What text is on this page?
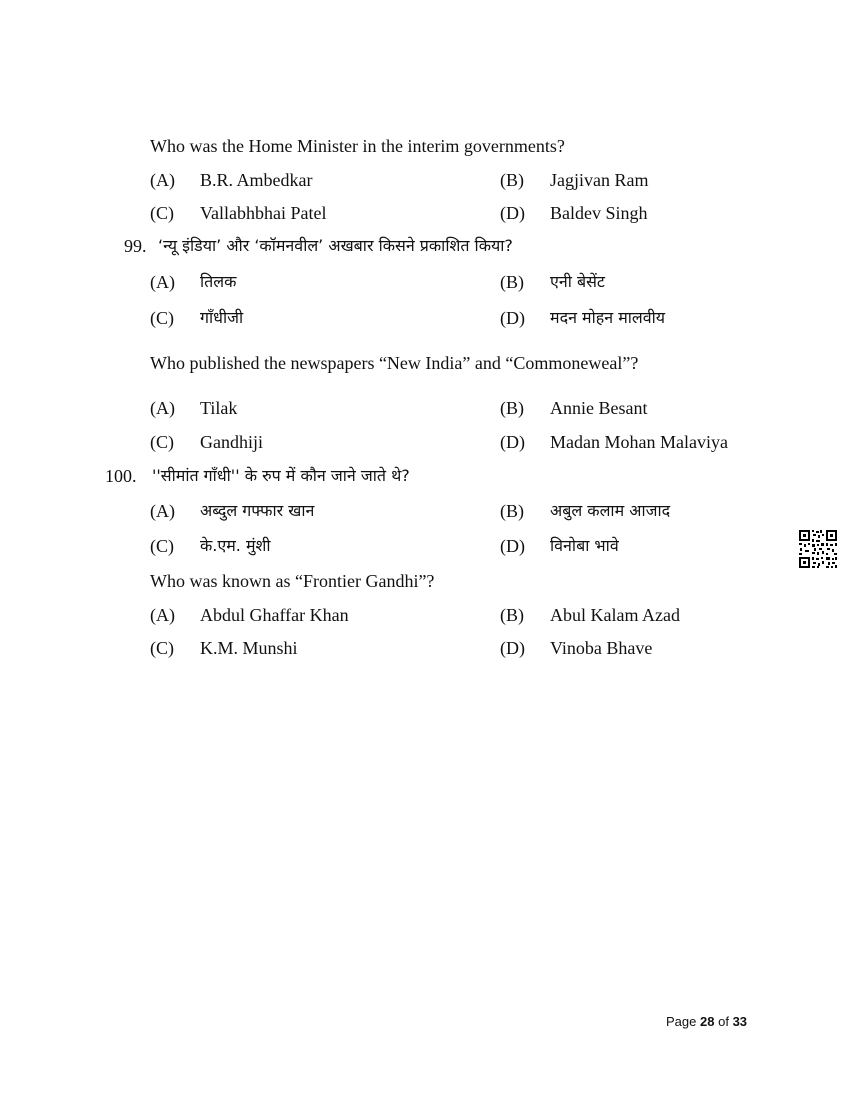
Who was the Home Minister in the interim governments?
(A) B.R. Ambedkar	(B) Jagjivan Ram
(C) Vallabhbhai Patel	(D) Baldev Singh
99. ‘न्यू इंडिया’ और ‘कॉमनवील’ अखबार किसने प्रकाशित किया?
(A) तिलक	(B) एनी बेसेंट
(C) गाँधीजी	(D) मदन मोहन मालवीय
Who published the newspapers “New India” and “Commoneweal”?
(A) Tilak	(B) Annie Besant
(C) Gandhiji	(D) Madan Mohan Malaviya
100. ''सीमांत गाँधी'' के रुप में कौन जाने जाते थे?
(A) अब्दुल गफ्फार खान	(B) अबुल कलाम आजाद
(C) के.एम. मुंशी	(D) विनोबा भावे
Who was known as “Frontier Gandhi”?
(A) Abdul Ghaffar Khan	(B) Abul Kalam Azad
(C) K.M. Munshi	(D) Vinoba Bhave
Page 28 of 33
